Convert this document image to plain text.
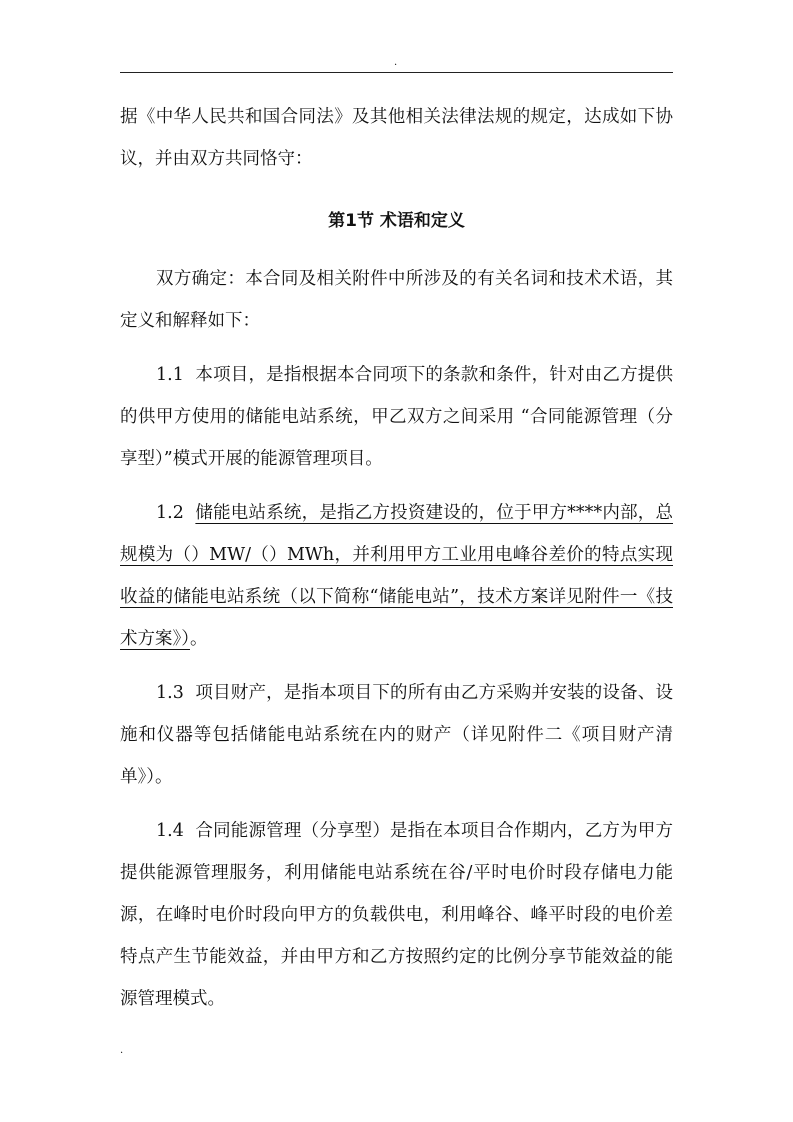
.

据《中华人民共和国合同法》及其他相关法律法规的规定，达成如下协议，并由双方共同恪守：

第1节 术语和定义

双方确定：本合同及相关附件中所涉及的有关名词和技术术语，其定义和解释如下：

1.1 本项目，是指根据本合同项下的条款和条件，针对由乙方提供的供甲方使用的储能电站系统，甲乙双方之间采用 “合同能源管理（分享型）”模式开展的能源管理项目。

1.2 储能电站系统，是指乙方投资建设的，位于甲方****内部，总规模为（）MW/（）MWh，并利用甲方工业用电峰谷差价的特点实现收益的储能电站系统（以下简称“储能电站”，技术方案详见附件一《技术方案》）。

1.3 项目财产，是指本项目下的所有由乙方采购并安装的设备、设施和仪器等包括储能电站系统在内的财产（详见附件二《项目财产清单》）。

1.4 合同能源管理（分享型）是指在本项目合作期内，乙方为甲方提供能源管理服务，利用储能电站系统在谷/平时电价时段存储电力能源，在峰时电价时段向甲方的负载供电，利用峰谷、峰平时段的电价差特点产生节能效益，并由甲方和乙方按照约定的比例分享节能效益的能源管理模式。

.
